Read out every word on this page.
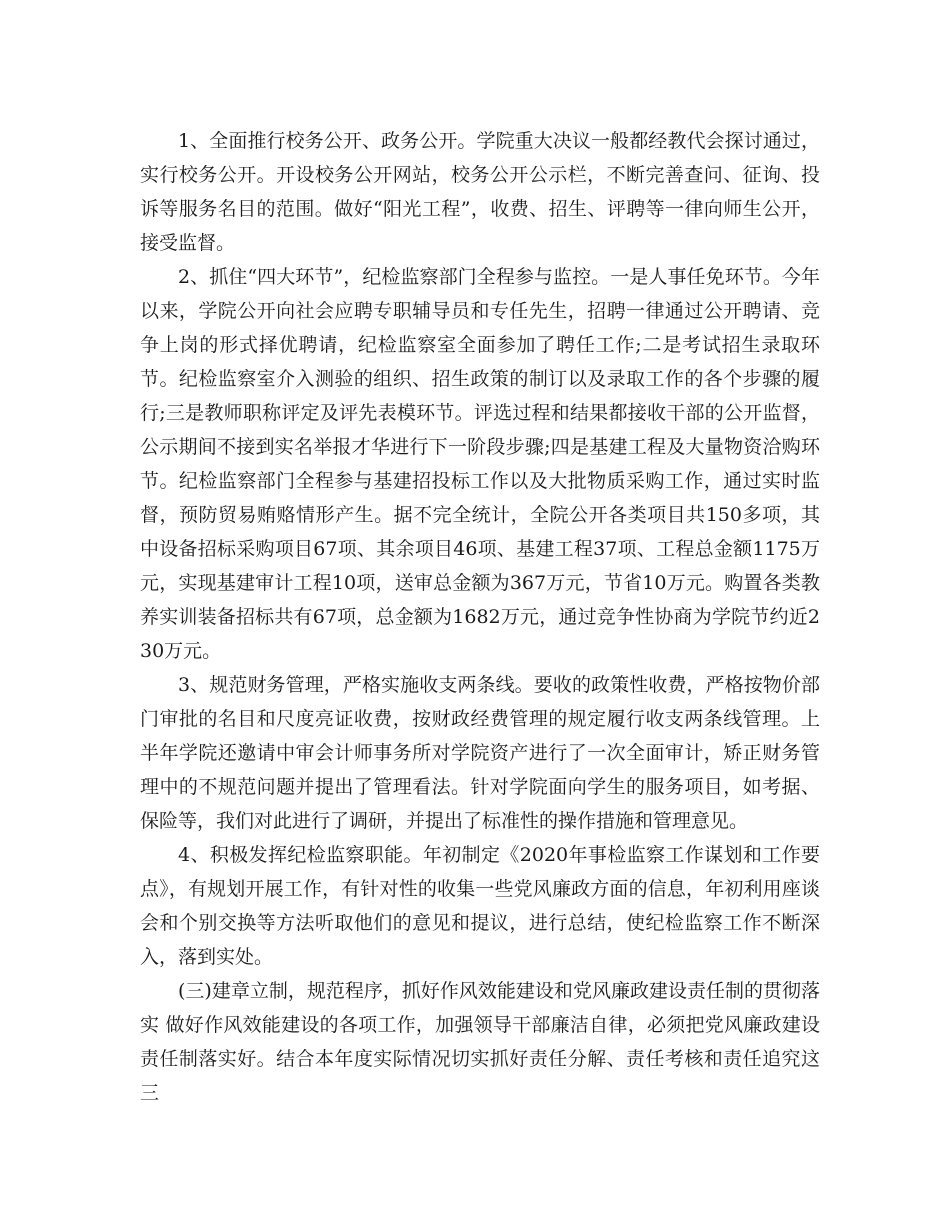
1、全面推行校务公开、政务公开。学院重大决议一般都经教代会探讨通过，实行校务公开。开设校务公开网站，校务公开公示栏，不断完善查问、征询、投诉等服务名目的范围。做好“阳光工程”，收费、招生、评聘等一律向师生公开，接受监督。

2、抓住“四大环节”，纪检监察部门全程参与监控。一是人事任免环节。今年以来，学院公开向社会应聘专职辅导员和专任先生，招聘一律通过公开聘请、竞争上岗的形式择优聘请，纪检监察室全面参加了聘任工作;二是考试招生录取环节。纪检监察室介入测验的组织、招生政策的制订以及录取工作的各个步骤的履行;三是教师职称评定及评先表模环节。评选过程和结果都接收干部的公开监督，公示期间不接到实名举报才华进行下一阶段步骤;四是基建工程及大量物资洽购环节。纪检监察部门全程参与基建招投标工作以及大批物质采购工作，通过实时监督，预防贸易贿赂情形产生。据不完全统计，全院公开各类项目共150多项，其中设备招标采购项目67项、其余项目46项、基建工程37项、工程总金额1175万元，实现基建审计工程10项，送审总金额为367万元，节省10万元。购置各类教养实训装备招标共有67项，总金额为1682万元，通过竞争性协商为学院节约近230万元。

3、规范财务管理，严格实施收支两条线。要收的政策性收费，严格按物价部门审批的名目和尺度亮证收费，按财政经费管理的规定履行收支两条线管理。上半年学院还邀请中审会计师事务所对学院资产进行了一次全面审计，矫正财务管理中的不规范问题并提出了管理看法。针对学院面向学生的服务项目，如考据、保险等，我们对此进行了调研，并提出了标准性的操作措施和管理意见。

4、积极发挥纪检监察职能。年初制定《2020年事检监察工作谋划和工作要点》，有规划开展工作，有针对性的收集一些党风廉政方面的信息，年初利用座谈会和个别交换等方法听取他们的意见和提议，进行总结，使纪检监察工作不断深入，落到实处。

(三)建章立制，规范程序，抓好作风效能建设和党风廉政建设责任制的贯彻落实 做好作风效能建设的各项工作，加强领导干部廉洁自律，必须把党风廉政建设责任制落实好。结合本年度实际情况切实抓好责任分解、责任考核和责任追究这三
